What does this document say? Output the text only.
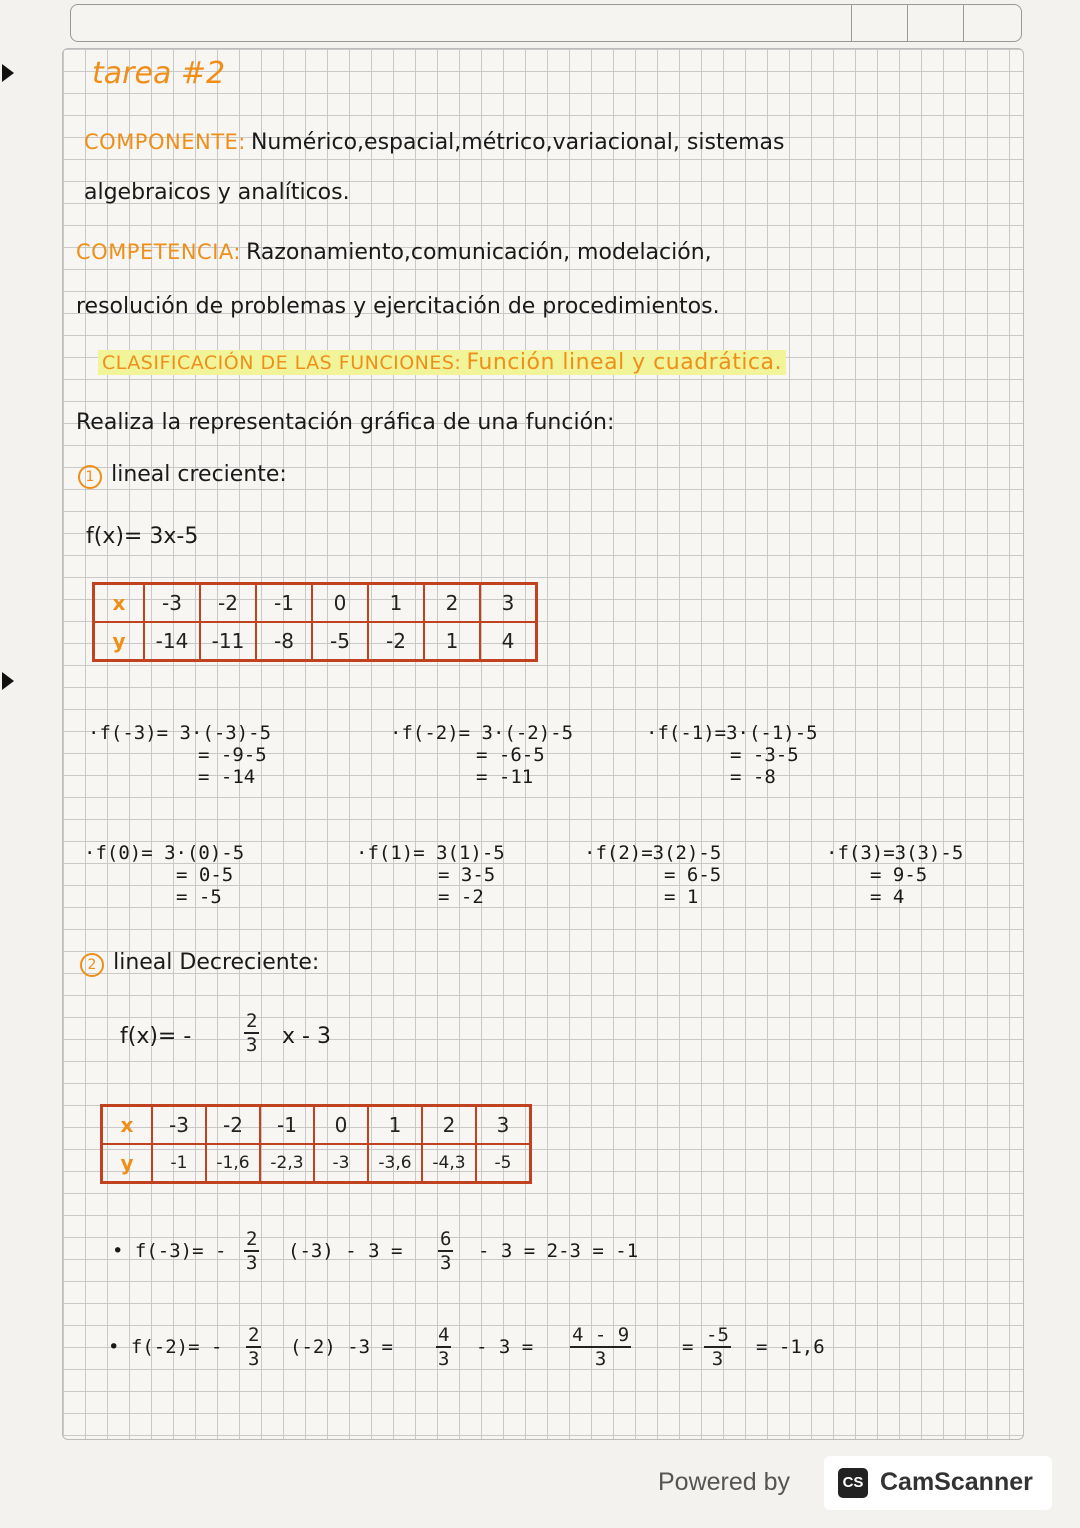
tarea #2
COMPONENTE: Numérico,espacial,métrico,variacional, sistemas
algebraicos y analíticos.
COMPETENCIA: Razonamiento,comunicación, modelación,
resolución de problemas y ejercitación de procedimientos.
CLASIFICACIÓN DE LAS FUNCIONES: Función lineal y cuadrática.
Realiza la representación gráfica de una función:
1 lineal creciente:
f(x)= 3x-5
x	-3	-2	-1	0	1	2	3
y	-14	-11	-8	-5	-2	1	4
·f(-3)= 3·(-3)-5
= -9-5
= -14
·f(-2)= 3·(-2)-5
= -6-5
= -11
·f(-1)=3·(-1)-5
= -3-5
= -8
·f(0)= 3·(0)-5
= 0-5
= -5
·f(1)= 3(1)-5
= 3-5
= -2
·f(2)=3(2)-5
= 6-5
= 1
·f(3)=3(3)-5
= 9-5
= 4
2 lineal Decreciente:
f(x)= -	$\frac{2}{3}$ x - 3
x	-3	-2	-1	0	1	2	3
y	-1	-1,6	-2,3	-3	-3,6	-4,3	-5
• $f(-3)= - \frac{2}{3} (-3) - 3 = \frac{6}{3} - 3 = 2-3 = -1$
• $f(-2)= - \frac{2}{3} (-2) -3 = \frac{4}{3} - 3 = \frac{4 - 9}{3}$	= $\frac{-5}{3} = -1,6$
Powered by	CS CamScanner
